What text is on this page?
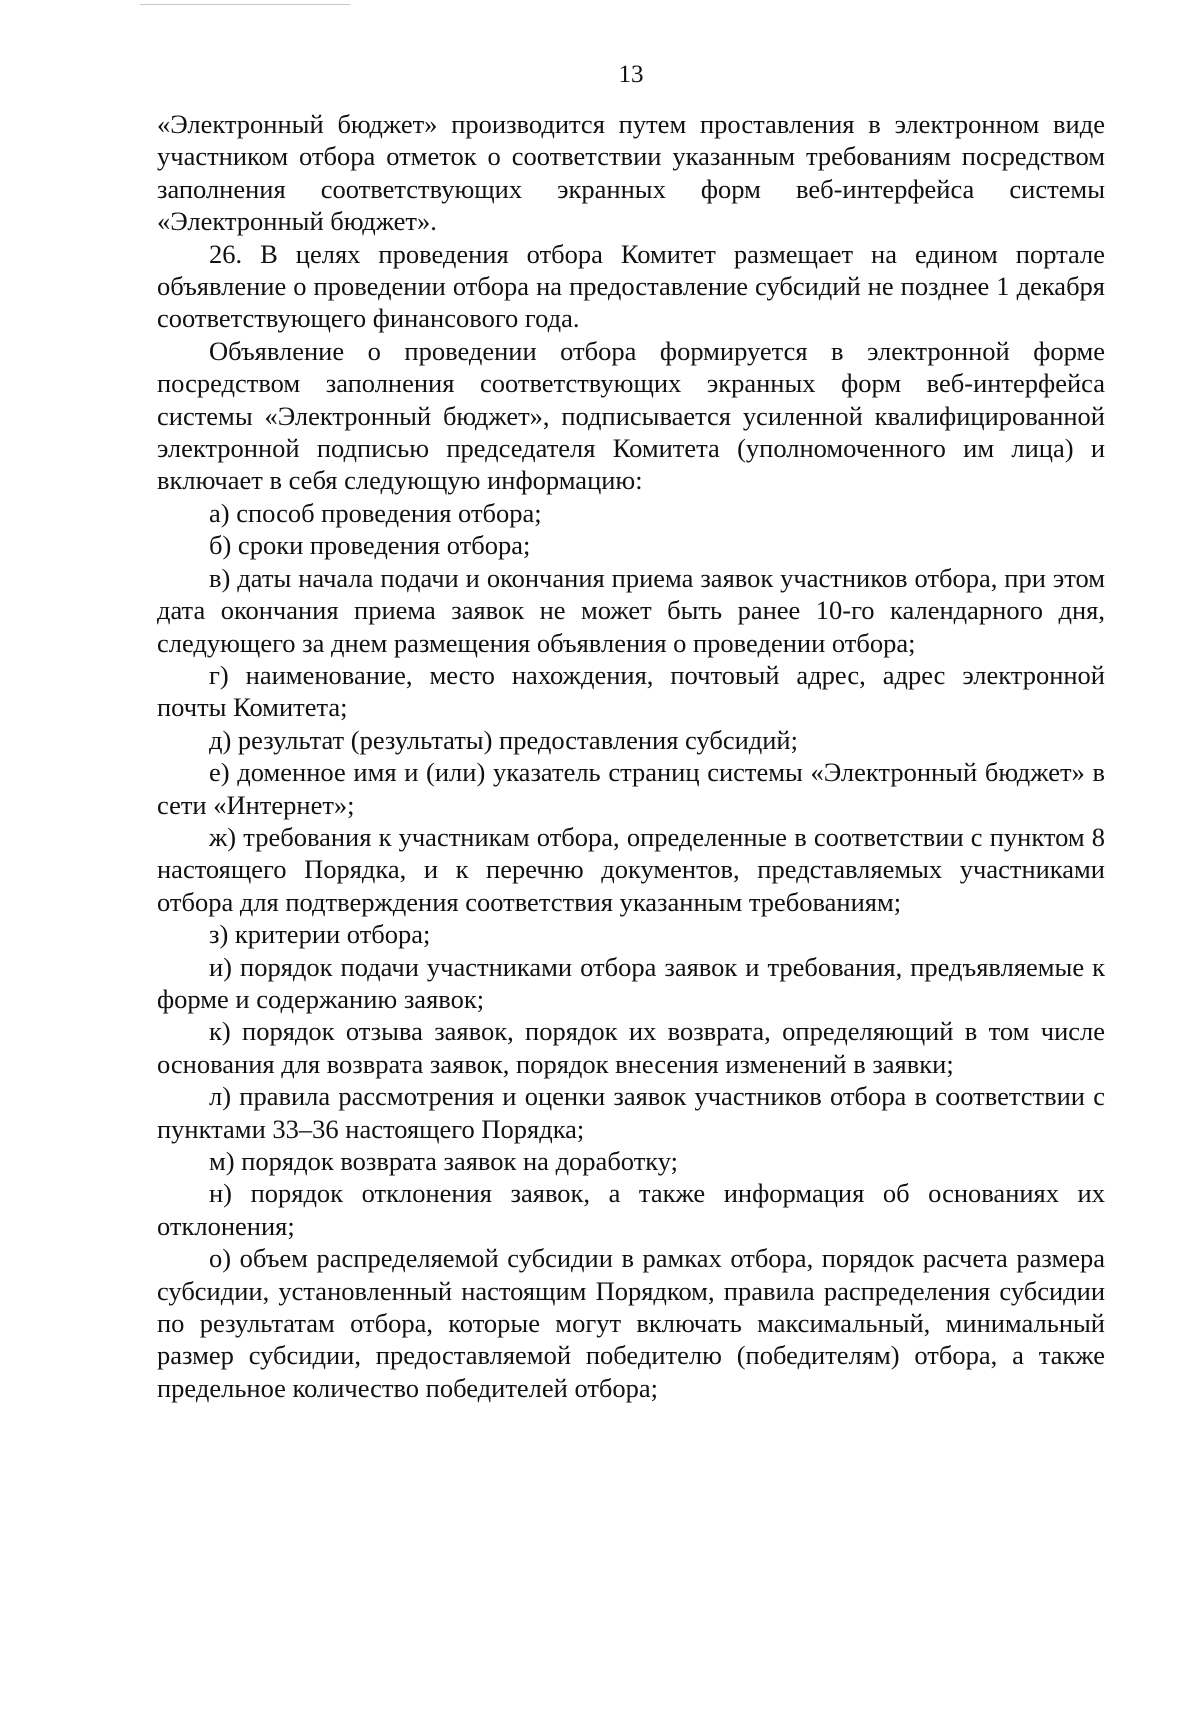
13

«Электронный бюджет» производится путем проставления в электронном виде участником отбора отметок о соответствии указанным требованиям посредством заполнения соответствующих экранных форм веб-интерфейса системы «Электронный бюджет».

26. В целях проведения отбора Комитет размещает на едином портале объявление о проведении отбора на предоставление субсидий не позднее 1 декабря соответствующего финансового года.

Объявление о проведении отбора формируется в электронной форме посредством заполнения соответствующих экранных форм веб-интерфейса системы «Электронный бюджет», подписывается усиленной квалифицированной электронной подписью председателя Комитета (уполномоченного им лица) и включает в себя следующую информацию:

а) способ проведения отбора;

б) сроки проведения отбора;

в) даты начала подачи и окончания приема заявок участников отбора, при этом дата окончания приема заявок не может быть ранее 10-го календарного дня, следующего за днем размещения объявления о проведении отбора;

г) наименование, место нахождения, почтовый адрес, адрес электронной почты Комитета;

д) результат (результаты) предоставления субсидий;

е) доменное имя и (или) указатель страниц системы «Электронный бюджет» в сети «Интернет»;

ж) требования к участникам отбора, определенные в соответствии с пунктом 8 настоящего Порядка, и к перечню документов, представляемых участниками отбора для подтверждения соответствия указанным требованиям;

з) критерии отбора;

и) порядок подачи участниками отбора заявок и требования, предъявляемые к форме и содержанию заявок;

к) порядок отзыва заявок, порядок их возврата, определяющий в том числе основания для возврата заявок, порядок внесения изменений в заявки;

л) правила рассмотрения и оценки заявок участников отбора в соответствии с пунктами 33–36 настоящего Порядка;

м) порядок возврата заявок на доработку;

н) порядок отклонения заявок, а также информация об основаниях их отклонения;

о) объем распределяемой субсидии в рамках отбора, порядок расчета размера субсидии, установленный настоящим Порядком, правила распределения субсидии по результатам отбора, которые могут включать максимальный, минимальный размер субсидии, предоставляемой победителю (победителям) отбора, а также предельное количество победителей отбора;
